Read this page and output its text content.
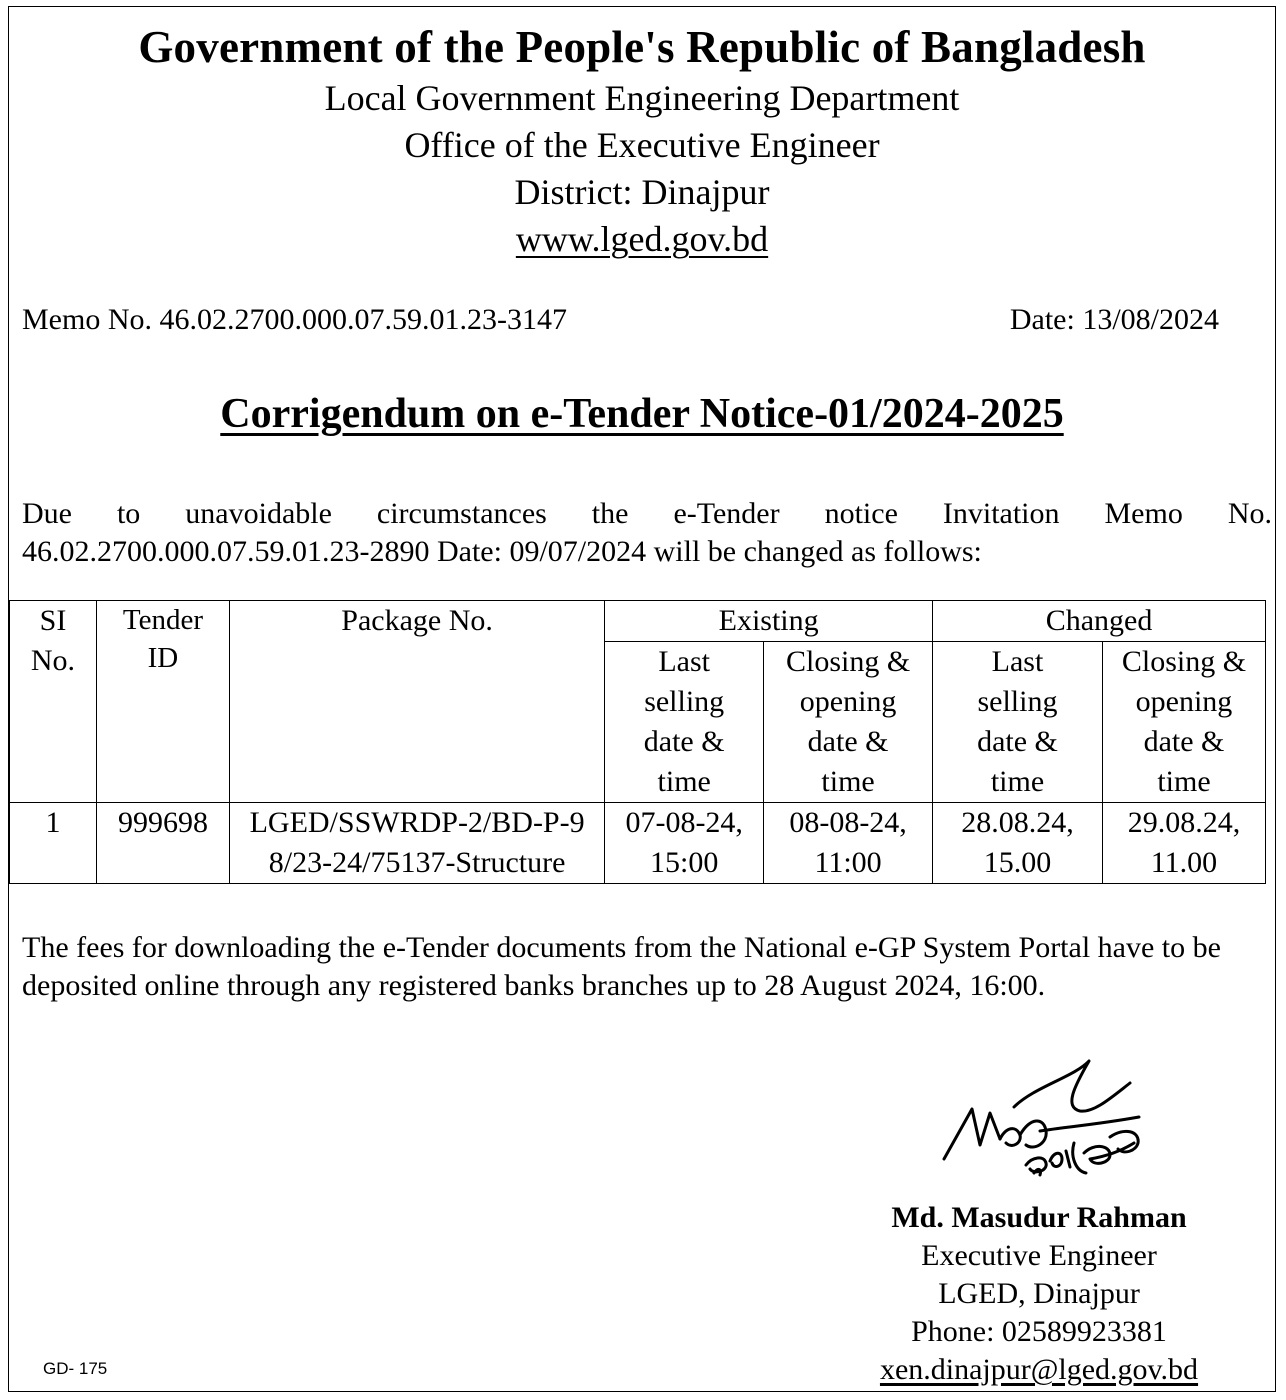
Government of the People's Republic of Bangladesh
Local Government Engineering Department
Office of the Executive Engineer
District: Dinajpur
www.lged.gov.bd
Memo No. 46.02.2700.000.07.59.01.23-3147	Date: 13/08/2024
Corrigendum on e-Tender Notice-01/2024-2025
Due to unavoidable circumstances the e-Tender notice Invitation Memo No. 46.02.2700.000.07.59.01.23-2890 Date: 09/07/2024 will be changed as follows:
SI No.	Tender ID	Package No.	Existing		Changed	
			Last selling date & time	Closing & opening date & time	Last selling date & time	Closing & opening date & time
1	999698	LGED/SSWRDP-2/BD-P-98/23-24/75137-Structure	07-08-24, 15:00	08-08-24, 11:00	28.08.24, 15.00	29.08.24, 11.00
The fees for downloading the e-Tender documents from the National e-GP System Portal have to be deposited online through any registered banks branches up to 28 August 2024, 16:00.
Md. Masudur Rahman
Executive Engineer
LGED, Dinajpur
Phone: 02589923381
xen.dinajpur@lged.gov.bd
GD- 175
